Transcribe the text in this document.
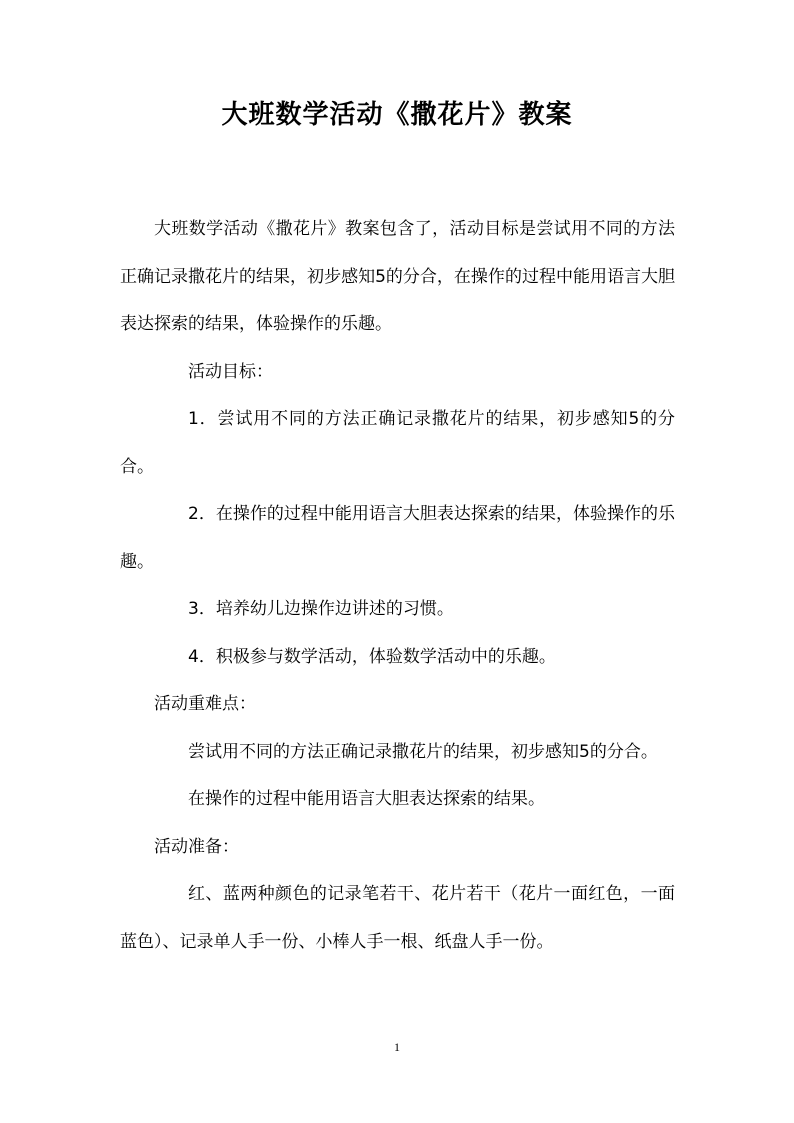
大班数学活动《撒花片》教案

大班数学活动《撒花片》教案包含了，活动目标是尝试用不同的方法正确记录撒花片的结果，初步感知5的分合，在操作的过程中能用语言大胆表达探索的结果，体验操作的乐趣。

活动目标：

1．尝试用不同的方法正确记录撒花片的结果，初步感知5的分合。

2．在操作的过程中能用语言大胆表达探索的结果，体验操作的乐趣。

3．培养幼儿边操作边讲述的习惯。

4．积极参与数学活动，体验数学活动中的乐趣。

活动重难点：

尝试用不同的方法正确记录撒花片的结果，初步感知5的分合。

在操作的过程中能用语言大胆表达探索的结果。

活动准备：

红、蓝两种颜色的记录笔若干、花片若干（花片一面红色，一面蓝色）、记录单人手一份、小棒人手一根、纸盘人手一份。

1
